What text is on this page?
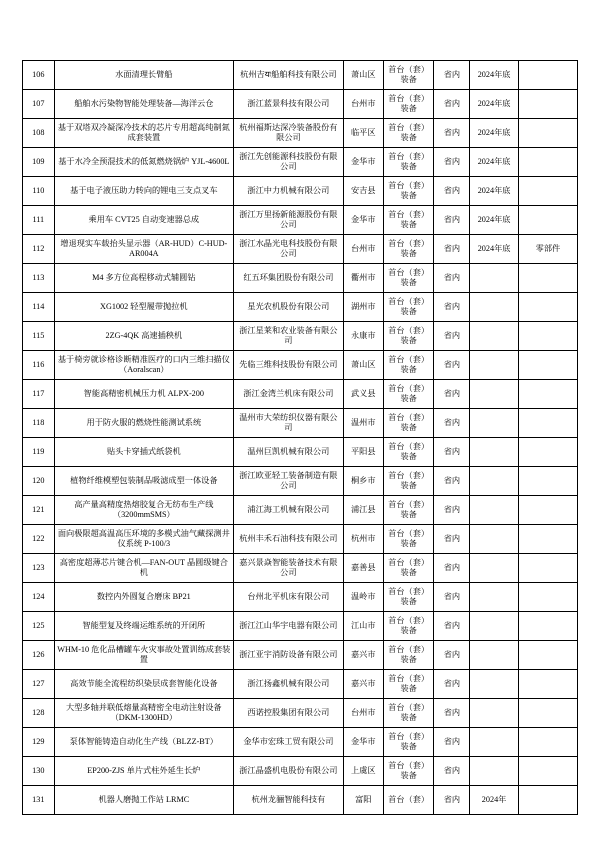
106	水面清理长臂船	杭州吉यः船舶科技有限公司	萧山区	首台（套）装备	省内	2024年底	
107	船舶水污染物智能处理装备—海洋云仓	浙江蓝景科技有限公司	台州市	首台（套）装备	省内	2024年底	
108	基于双塔双冷凝深冷技术的芯片专用超高纯制氮成套装置	杭州福斯达深冷装备股份有限公司	临平区	首台（套）装备	省内	2024年底	
109	基于水冷全预混技术的低氮燃烧锅炉 YJL-4600L	浙江先创能源科技股份有限公司	金华市	首台（套）装备	省内	2024年底	
110	基于电子液压助力转向的锂电三支点叉车	浙江中力机械有限公司	安吉县	首台（套）装备	省内	2024年底	
111	乘用车 CVT25 自动变速器总成	浙江万里扬新能源股份有限公司	金华市	首台（套）装备	省内	2024年底	
112	增退现实车载抬头显示器（AR-HUD）C-HUD-AR004A	浙江水晶光电科技股份有限公司	台州市	首台（套）装备	省内	2024年底	零部件
113	M4 多方位高程移动式辅圆钻	红五环集团股份有限公司	衢州市	首台（套）装备	省内		
114	XG1002 轻型履带抛拉机	星光农机股份有限公司	湖州市	首台（套）装备	省内		
115	2ZG-4QK 高速插秧机	浙江星莱和农业装备有限公司	永康市	首台（套）装备	省内		
116	基于椅旁就诊格诊断精准医疗的口内三维扫描仪（Aoralscan）	先临三维科技股份有限公司	萧山区	首台（套）装备	省内		
117	智能高精密机械压力机 ALPX-200	浙江金湾兰机床有限公司	武义县	首台（套）装备	省内		
118	用于防火服的燃烧性能测试系统	温州市大荣纺织仪器有限公司	温州市	首台（套）装备	省内		
119	贴头卡穿插式纸袋机	温州巨凯机械有限公司	平阳县	首台（套）装备	省内		
120	植物纤维模塑包装制品吸滤成型一体设备	浙江欧亚轻工装备制造有限公司	桐乡市	首台（套）装备	省内		
121	高产量高精度热熔胶复合无纺布生产线（3200mmSMS）	浦江海工机械有限公司	浦江县	首台（套）装备	省内		
122	面向极限超高温高压环境的多模式油气藏探测井仪系统 P-100/3	杭州丰禾石油科技有限公司	杭州市	首台（套）装备	省内		
123	高密度超薄芯片键合机—FAN-OUT 晶圆级键合机	嘉兴景焱智能装备技术有限公司	嘉善县	首台（套）装备	省内		
124	数控内外圆复合磨床 BP21	台州北平机床有限公司	温岭市	首台（套）装备	省内		
125	智能型复及终端运维系统的开闭所	浙江江山华宇电器有限公司	江山市	首台（套）装备	省内		
126	WHM-10 危化品槽罐车火灾事故处置训练成套装置	浙江亚宇消防设备有限公司	嘉兴市	首台（套）装备	省内		
127	高效节能全流程纺织染层成套智能化设备	浙江扬鑫机械有限公司	嘉兴市	首台（套）装备	省内		
128	大型多轴并联低熔量高精密全电动注射设备（DKM-1300HD）	西诺控股集团有限公司	台州市	首台（套）装备	省内		
129	泵体智能铸造自动化生产线（BLZZ-BT）	金华市宏珠工贸有限公司	金华市	首台（套）装备	省内		
130	EP200-ZJS 单片式柱外延生长炉	浙江晶盛机电股份有限公司	上虞区	首台（套）装备	省内		
131	机器人磨抛工作站 LRMC	杭州龙骊智能科技有	富阳	首台（套）	省内	2024年	
